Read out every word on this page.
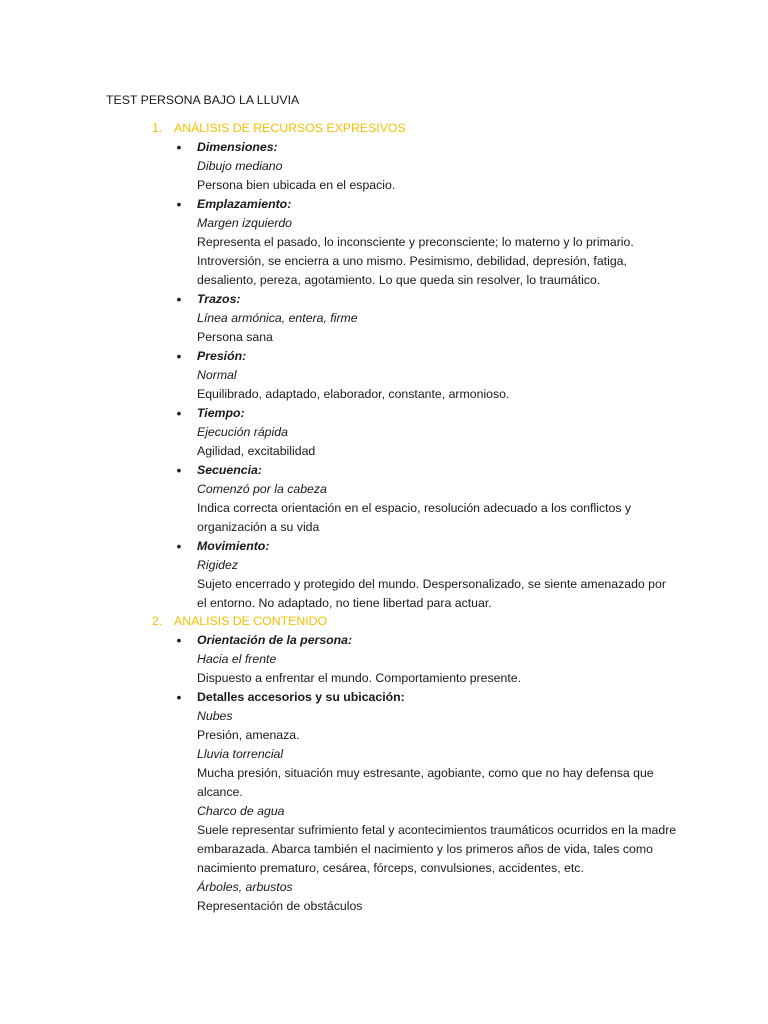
TEST PERSONA BAJO LA LLUVIA
1. ANÁLISIS DE RECURSOS EXPRESIVOS
• Dimensiones:
Dibujo mediano
Persona bien ubicada en el espacio.
• Emplazamiento:
Margen izquierdo
Representa el pasado, lo inconsciente y preconsciente; lo materno y lo primario. Introversión, se encierra a uno mismo. Pesimismo, debilidad, depresión, fatiga, desaliento, pereza, agotamiento. Lo que queda sin resolver, lo traumático.
• Trazos:
Línea armónica, entera, firme
Persona sana
• Presión:
Normal
Equilibrado, adaptado, elaborador, constante, armonioso.
• Tiempo:
Ejecución rápida
Agilidad, excitabilidad
• Secuencia:
Comenzó por la cabeza
Indica correcta orientación en el espacio, resolución adecuado a los conflictos y organización a su vida
• Movimiento:
Rigidez
Sujeto encerrado y protegido del mundo. Despersonalizado, se siente amenazado por el entorno. No adaptado, no tiene libertad para actuar.
2. ANALISIS DE CONTENIDO
• Orientación de la persona:
Hacia el frente
Dispuesto a enfrentar el mundo. Comportamiento presente.
• Detalles accesorios y su ubicación:
Nubes
Presión, amenaza.
Lluvia torrencial
Mucha presión, situación muy estresante, agobiante, como que no hay defensa que alcance.
Charco de agua
Suele representar sufrimiento fetal y acontecimientos traumáticos ocurridos en la madre embarazada. Abarca también el nacimiento y los primeros años de vida, tales como nacimiento prematuro, cesárea, fórceps, convulsiones, accidentes, etc.
Árboles, arbustos
Representación de obstáculos
